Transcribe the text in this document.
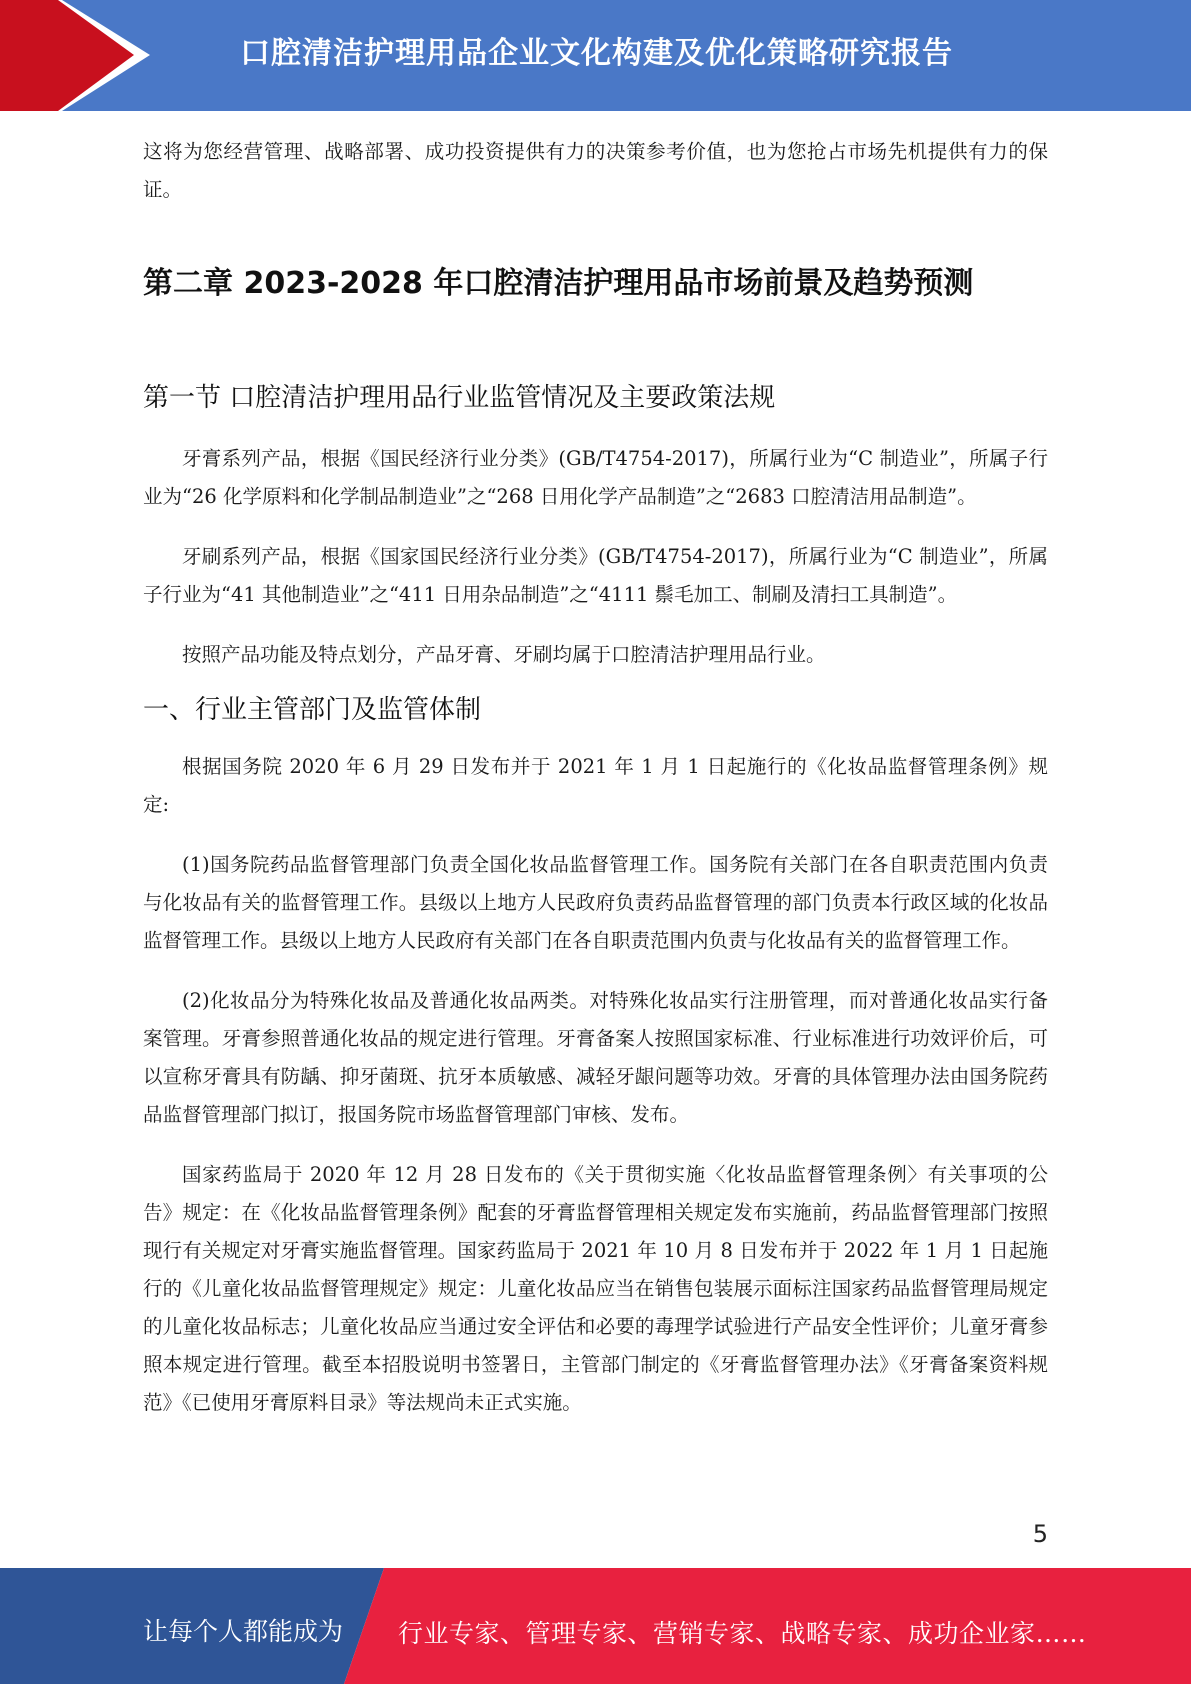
口腔清洁护理用品企业文化构建及优化策略研究报告

这将为您经营管理、战略部署、成功投资提供有力的决策参考价值，也为您抢占市场先机提供有力的保证。

第二章 2023-2028 年口腔清洁护理用品市场前景及趋势预测
第一节 口腔清洁护理用品行业监管情况及主要政策法规

牙膏系列产品，根据《国民经济行业分类》(GB/T4754-2017)，所属行业为“C 制造业”，所属子行业为“26 化学原料和化学制品制造业”之“268 日用化学产品制造”之“2683 口腔清洁用品制造”。

牙刷系列产品，根据《国家国民经济行业分类》(GB/T4754-2017)，所属行业为“C 制造业”，所属子行业为“41 其他制造业”之“411 日用杂品制造”之“4111 鬃毛加工、制刷及清扫工具制造”。

按照产品功能及特点划分，产品牙膏、牙刷均属于口腔清洁护理用品行业。

一、行业主管部门及监管体制

根据国务院 2020 年 6 月 29 日发布并于 2021 年 1 月 1 日起施行的《化妆品监督管理条例》规定:

(1)国务院药品监督管理部门负责全国化妆品监督管理工作。国务院有关部门在各自职责范围内负责与化妆品有关的监督管理工作。县级以上地方人民政府负责药品监督管理的部门负责本行政区域的化妆品监督管理工作。县级以上地方人民政府有关部门在各自职责范围内负责与化妆品有关的监督管理工作。

(2)化妆品分为特殊化妆品及普通化妆品两类。对特殊化妆品实行注册管理，而对普通化妆品实行备案管理。牙膏参照普通化妆品的规定进行管理。牙膏备案人按照国家标准、行业标准进行功效评价后，可以宣称牙膏具有防龋、抑牙菌斑、抗牙本质敏感、减轻牙龈问题等功效。牙膏的具体管理办法由国务院药品监督管理部门拟订，报国务院市场监督管理部门审核、发布。

国家药监局于 2020 年 12 月 28 日发布的《关于贯彻实施〈化妆品监督管理条例〉有关事项的公告》规定：在《化妆品监督管理条例》配套的牙膏监督管理相关规定发布实施前，药品监督管理部门按照现行有关规定对牙膏实施监督管理。国家药监局于 2021 年 10 月 8 日发布并于 2022 年 1 月 1 日起施行的《儿童化妆品监督管理规定》规定：儿童化妆品应当在销售包装展示面标注国家药品监督管理局规定的儿童化妆品标志；儿童化妆品应当通过安全评估和必要的毒理学试验进行产品安全性评价；儿童牙膏参照本规定进行管理。截至本招股说明书签署日，主管部门制定的《牙膏监督管理办法》《牙膏备案资料规范》《已使用牙膏原料目录》等法规尚未正式实施。

5
让每个人都能成为 行业专家、管理专家、营销专家、战略专家、成功企业家……
